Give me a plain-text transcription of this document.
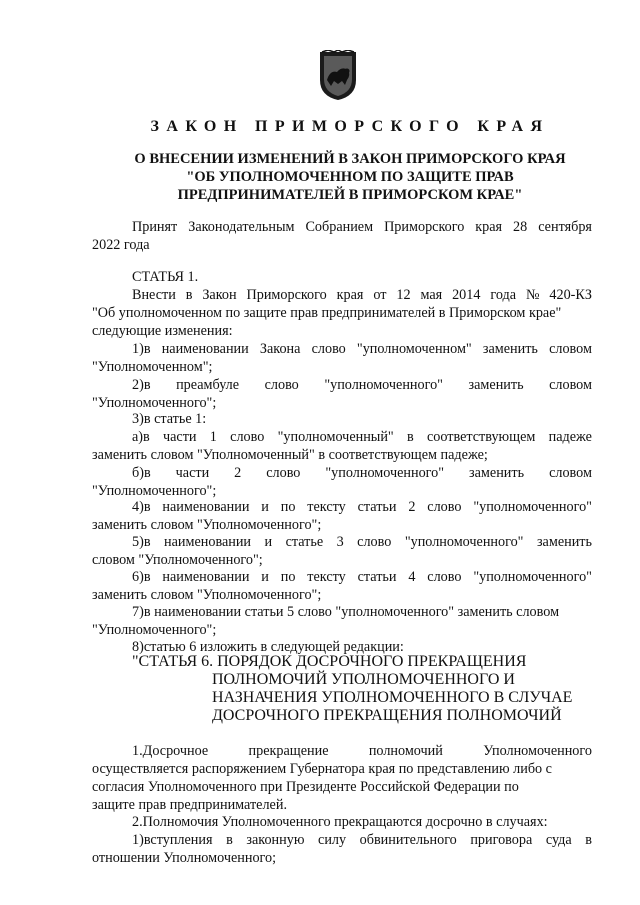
ЗАКОН ПРИМОРСКОГО КРАЯ
О ВНЕСЕНИИ ИЗМЕНЕНИЙ В ЗАКОН ПРИМОРСКОГО КРАЯ
"ОБ УПОЛНОМОЧЕННОМ ПО ЗАЩИТЕ ПРАВ
ПРЕДПРИНИМАТЕЛЕЙ В ПРИМОРСКОМ КРАЕ"
Принят Законодательным Собранием Приморского края 28 сентября
2022 года
СТАТЬЯ 1.
Внести в Закон Приморского края от 12 мая 2014 года № 420-КЗ
"Об уполномоченном по защите прав предпринимателей в Приморском крае"
следующие изменения:
1)в наименовании Закона слово "уполномоченном" заменить словом
"Уполномоченном";
2)в преамбуле слово "уполномоченного" заменить словом
"Уполномоченного";
3)в статье 1:
а)в части 1 слово "уполномоченный" в соответствующем падеже
заменить словом "Уполномоченный" в соответствующем падеже;
б)в части 2 слово "уполномоченного" заменить словом
"Уполномоченного";
4)в наименовании и по тексту статьи 2 слово "уполномоченного"
заменить словом "Уполномоченного";
5)в наименовании и статье 3 слово "уполномоченного" заменить
словом "Уполномоченного";
6)в наименовании и по тексту статьи 4 слово "уполномоченного"
заменить словом "Уполномоченного";
7)в наименовании статьи 5 слово "уполномоченного" заменить словом
"Уполномоченного";
8)статью 6 изложить в следующей редакции:
"СТАТЬЯ 6. ПОРЯДОК ДОСРОЧНОГО ПРЕКРАЩЕНИЯ
ПОЛНОМОЧИЙ УПОЛНОМОЧЕННОГО И
НАЗНАЧЕНИЯ УПОЛНОМОЧЕННОГО В СЛУЧАЕ
ДОСРОЧНОГО ПРЕКРАЩЕНИЯ ПОЛНОМОЧИЙ
1.Досрочное	прекращение	полномочий	Уполномоченного
осуществляется распоряжением Губернатора края по представлению либо с
согласия Уполномоченного при Президенте Российской Федерации по
защите прав предпринимателей.
2.Полномочия Уполномоченного прекращаются досрочно в случаях:
1)вступления в законную силу обвинительного приговора суда в
отношении Уполномоченного;
